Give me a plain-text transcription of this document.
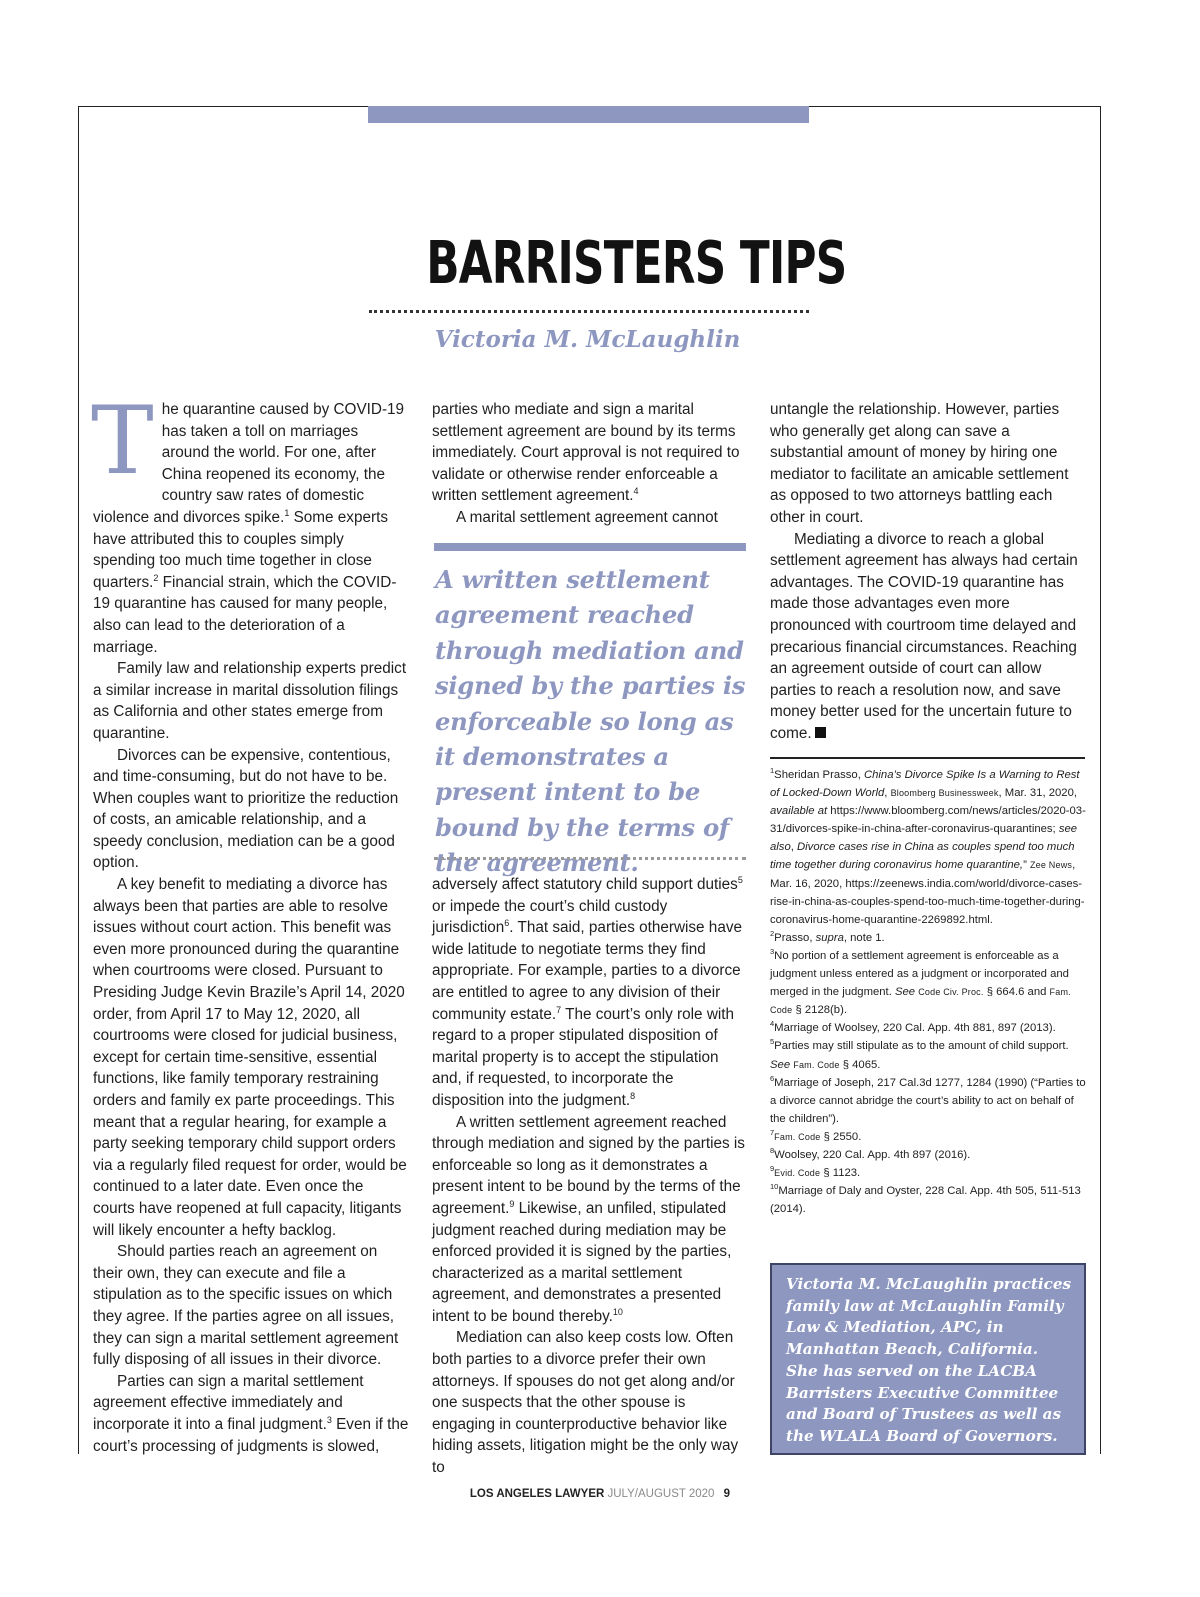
BARRISTERS TIPS
Victoria M. McLaughlin

The quarantine caused by COVID-19 has taken a toll on marriages around the world. For one, after China reopened its economy, the country saw rates of domestic violence and divorces spike.$^1$ Some experts have attributed this to couples simply spending too much time together in close quarters.$^2$ Financial strain, which the COVID-19 quarantine has caused for many people, also can lead to the deterioration of a marriage.

Family law and relationship experts predict a similar increase in marital dissolution filings as California and other states emerge from quarantine.

Divorces can be expensive, contentious, and time-consuming, but do not have to be. When couples want to prioritize the reduction of costs, an amicable relationship, and a speedy conclusion, mediation can be a good option.

A key benefit to mediating a divorce has always been that parties are able to resolve issues without court action. This benefit was even more pronounced during the quarantine when courtrooms were closed. Pursuant to Presiding Judge Kevin Brazile’s April 14, 2020 order, from April 17 to May 12, 2020, all courtrooms were closed for judicial business, except for certain time-sensitive, essential functions, like family temporary restraining orders and family ex parte proceedings. This meant that a regular hearing, for example a party seeking temporary child support orders via a regularly filed request for order, would be continued to a later date. Even once the courts have reopened at full capacity, litigants will likely encounter a hefty backlog.

Should parties reach an agreement on their own, they can execute and file a stipulation as to the specific issues on which they agree. If the parties agree on all issues, they can sign a marital settlement agreement fully disposing of all issues in their divorce.

Parties can sign a marital settlement agreement effective immediately and incorporate it into a final judgment.$^3$ Even if the court’s processing of judgments is slowed,

parties who mediate and sign a marital settlement agreement are bound by its terms immediately. Court approval is not required to validate or otherwise render enforceable a written settlement agreement.$^4$

A marital settlement agreement cannot

A written settlement agreement reached through mediation and signed by the parties is enforceable so long as it demonstrates a present intent to be bound by the terms of the agreement.

adversely affect statutory child support duties$^5$ or impede the court’s child custody jurisdiction$^6$. That said, parties otherwise have wide latitude to negotiate terms they find appropriate. For example, parties to a divorce are entitled to agree to any division of their community estate.$^7$ The court’s only role with regard to a proper stipulated disposition of marital property is to accept the stipulation and, if requested, to incorporate the disposition into the judgment.$^8$

A written settlement agreement reached through mediation and signed by the parties is enforceable so long as it demonstrates a present intent to be bound by the terms of the agreement.$^9$ Likewise, an unfiled, stipulated judgment reached during mediation may be enforced provided it is signed by the parties, characterized as a marital settlement agreement, and demonstrates a presented intent to be bound thereby.$^{10}$

Mediation can also keep costs low. Often both parties to a divorce prefer their own attorneys. If spouses do not get along and/or one suspects that the other spouse is engaging in counterproductive behavior like hiding assets, litigation might be the only way to

untangle the relationship. However, parties who generally get along can save a substantial amount of money by hiring one mediator to facilitate an amicable settlement as opposed to two attorneys battling each other in court.

Mediating a divorce to reach a global settlement agreement has always had certain advantages. The COVID-19 quarantine has made those advantages even more pronounced with courtroom time delayed and precarious financial circumstances. Reaching an agreement outside of court can allow parties to reach a resolution now, and save money better used for the uncertain future to come.

$^1$Sheridan Prasso, China’s Divorce Spike Is a Warning to Rest of Locked-Down World, Bloomberg Businessweek, Mar. 31, 2020, available at https://www.bloomberg.com/news/articles/2020-03-31/divorces-spike-in-china-after-coronavirus-quarantines; see also, Divorce cases rise in China as couples spend too much time together during coronavirus home quarantine,” Zee News, Mar. 16, 2020, https://zeenews.india.com/world/divorce-cases-rise-in-china-as-couples-spend-too-much-time-together-during-coronavirus-home-quarantine-2269892.html.

$^2$Prasso, supra, note 1.

$^3$No portion of a settlement agreement is enforceable as a judgment unless entered as a judgment or incorporated and merged in the judgment. See Code Civ. Proc. § 664.6 and Fam. Code § 2128(b).

$^4$Marriage of Woolsey, 220 Cal. App. 4th 881, 897 (2013).

$^5$Parties may still stipulate as to the amount of child support. See Fam. Code § 4065.

$^6$Marriage of Joseph, 217 Cal.3d 1277, 1284 (1990) (“Parties to a divorce cannot abridge the court’s ability to act on behalf of the children”).

$^7$Fam. Code § 2550.

$^8$Woolsey, 220 Cal. App. 4th 897 (2016).

$^9$Evid. Code § 1123.

$^{10}$Marriage of Daly and Oyster, 228 Cal. App. 4th 505, 511-513 (2014).

Victoria M. McLaughlin practices family law at McLaughlin Family Law & Mediation, APC, in Manhattan Beach, California. She has served on the LACBA Barristers Executive Committee and Board of Trustees as well as the WLALA Board of Governors.
LOS ANGELES LAWYER JULY/AUGUST 2020 9
